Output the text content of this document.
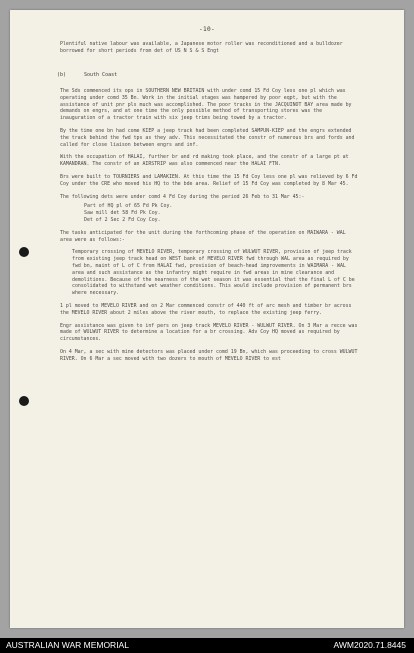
-10-
Plentiful native labour was available, a Japanese motor roller was reconditioned and a bulldozer borrowed for short periods from det of US N S & S Engt
(b)	South Coast

The Sds commenced its ops in SOUTHERN NEW BRITAIN with under comd 15 Fd Coy less one pl which was operating under comd 35 Bn. Work in the initial stages was hampered by poor eqpt, but with the assistance of unit pnr pls much was accomplished. The poor tracks in the JACQUINOT BAY area made by demands on engrs, and at one time the only possible method of transporting stores was the inauguration of a tractor train with six jeep trims being towed by a tractor.

By the time one bn had come KIEP a jeep track had been completed SAMPUN-KIEP and the engrs extended the track behind the fwd tps as they adv. This necessitated the constr of numerous brs and fords and called for close liaison between engrs and inf.

With the occupation of HALAI, further br and rd making took place, and the constr of a large pt at KAMANDRAN. The constr of an AIRSTRIP was also commenced near the HALAI FTN.

Brs were built to TOURNIERS and LAMAKIEN. At this time the 15 Fd Coy less one pl was relieved by 6 Fd Coy under the CRE who moved his HQ to the bde area. Relief of 15 Fd Coy was completed by 8 Mar 45.

The following dets were under comd 4 Fd Coy during the period 26 Feb to 31 Mar 45:-

Part of HQ pl of 65 Fd Pk Coy.
Saw mill det 58 Fd Pk Coy.
Det of 2 Sec 2 Fd Coy Coy.

The tasks anticipated for the unit during the forthcoming phase of the operation on MAIWARA - WAL area were as follows:-

Temporary crossing of MEVELO RIVER, temporary crossing of WULWUT RIVER, provision of jeep track from existing jeep track head on WEST bank of MEVELO RIVER fwd through WAL area as required by fwd bn, maint of L of C from HALAI fwd, provision of beach-head improvements in WAIMARA - WAL area and such assistance as the infantry might require in fwd areas in mine clearance and demolitions. Because of the nearness of the wet season it was essential that the final L of C be consolidated to withstand wet weather conditions. This would include provision of permanent brs where necessary.

1 pl moved to MEVELO RIVER and on 2 Mar commenced constr of 440 ft of arc mesh and timber br across the MEVELO RIVER about 2 miles above the river mouth, to replace the existing jeep ferry.

Engr assistance was given to inf pers on jeep track MEVELO RIVER - WULWUT RIVER. On 3 Mar a recce was made of WULWUT RIVER to determine a location for a br crossing. Adv Coy HQ moved as required by circumstances.

On 4 Mar, a sec with mine detectors was placed under comd 19 Bn, which was proceeding to cross WULWUT RIVER. On 6 Mar a sec moved with two dozers to mouth of MEVELO RIVER to est

AUSTRALIAN WAR MEMORIAL	AWM2020.71.8445
